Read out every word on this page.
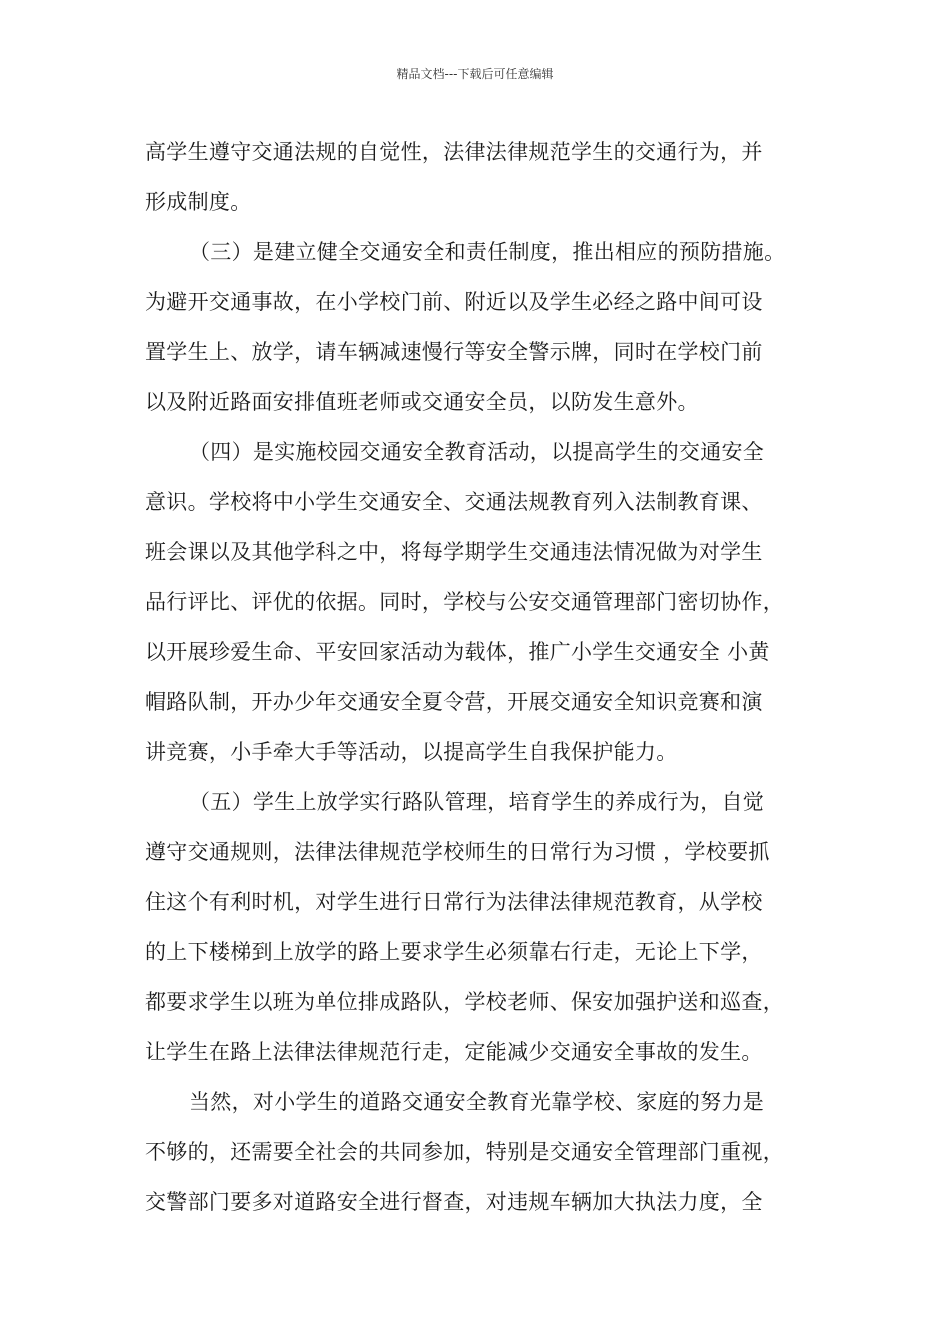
精品文档---下载后可任意编辑
高学生遵守交通法规的自觉性，法律法律规范学生的交通行为，并
形成制度。
（三）是建立健全交通安全和责任制度，推出相应的预防措施。
为避开交通事故，在小学校门前、附近以及学生必经之路中间可设
置学生上、放学，请车辆减速慢行等安全警示牌，同时在学校门前
以及附近路面安排值班老师或交通安全员，以防发生意外。
（四）是实施校园交通安全教育活动，以提高学生的交通安全
意识。学校将中小学生交通安全、交通法规教育列入法制教育课、
班会课以及其他学科之中，将每学期学生交通违法情况做为对学生
品行评比、评优的依据。同时，学校与公安交通管理部门密切协作，
以开展珍爱生命、平安回家活动为载体，推广小学生交通安全 小黄
帽路队制，开办少年交通安全夏令营，开展交通安全知识竞赛和演
讲竞赛，小手牵大手等活动，以提高学生自我保护能力。
（五）学生上放学实行路队管理，培育学生的养成行为，自觉
遵守交通规则，法律法律规范学校师生的日常行为习惯 ，学校要抓
住这个有利时机，对学生进行日常行为法律法律规范教育，从学校
的上下楼梯到上放学的路上要求学生必须靠右行走，无论上下学，
都要求学生以班为单位排成路队，学校老师、保安加强护送和巡查，
让学生在路上法律法律规范行走，定能减少交通安全事故的发生。
当然，对小学生的道路交通安全教育光靠学校、家庭的努力是
不够的，还需要全社会的共同参加，特别是交通安全管理部门重视，
交警部门要多对道路安全进行督查，对违规车辆加大执法力度，全
